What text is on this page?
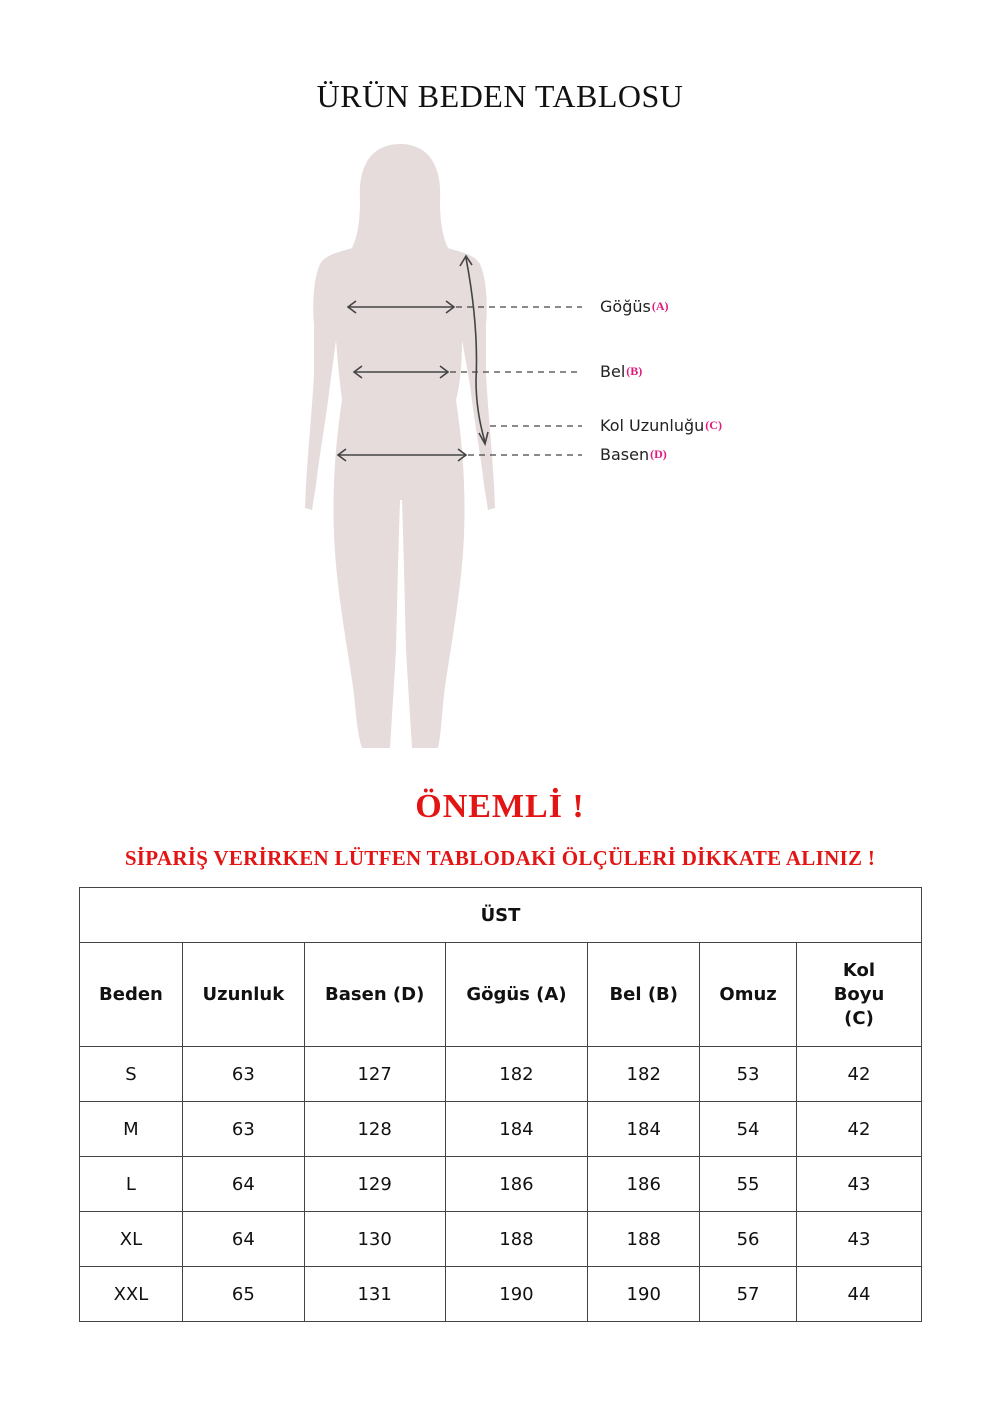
ÜRÜN BEDEN TABLOSU
Göğüs(A)
Bel(B)
Kol Uzunluğu(C)
Basen(D)
ÖNEMLİ !
SİPARİŞ VERİRKEN LÜTFEN TABLODAKİ ÖLÇÜLERİ DİKKATE ALINIZ !
ÜST						
Beden	Uzunluk	Basen (D)	Gögüs (A)	Bel (B)	Omuz	Kol Boyu (C)
S	63	127	182	182	53	42
M	63	128	184	184	54	42
L	64	129	186	186	55	43
XL	64	130	188	188	56	43
XXL	65	131	190	190	57	44
